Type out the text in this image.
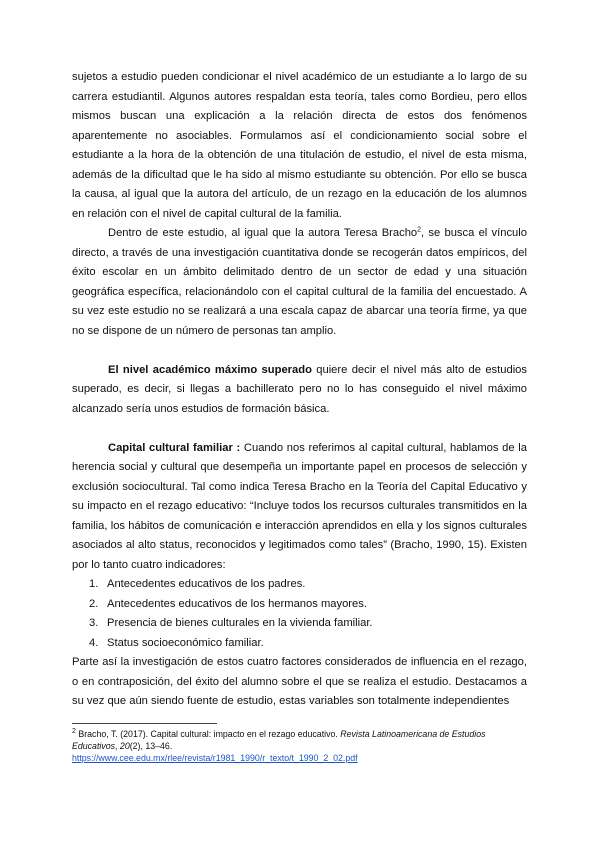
sujetos a estudio pueden condicionar el nivel académico de un estudiante a lo largo de su carrera estudiantil. Algunos autores respaldan esta teoría, tales como Bordieu, pero ellos mismos buscan una explicación a la relación directa de estos dos fenómenos aparentemente no asociables. Formulamos así el condicionamiento social sobre el estudiante a la hora de la obtención de una titulación de estudio, el nivel de esta misma, además de la dificultad que le ha sido al mismo estudiante su obtención. Por ello se busca la causa, al igual que la autora del artículo, de un rezago en la educación de los alumnos en relación con el nivel de capital cultural de la familia.

Dentro de este estudio, al igual que la autora Teresa Bracho$^2$, se busca el vínculo directo, a través de una investigación cuantitativa donde se recogerán datos empíricos, del éxito escolar en un ámbito delimitado dentro de un sector de edad y una situación geográfica específica, relacionándolo con el capital cultural de la familia del encuestado. A su vez este estudio no se realizará a una escala capaz de abarcar una teoría firme, ya que no se dispone de un número de personas tan amplio.

El nivel académico máximo superado quiere decir el nivel más alto de estudios superado, es decir, si llegas a bachillerato pero no lo has conseguido el nivel máximo alcanzado sería unos estudios de formación básica.

Capital cultural familiar : Cuando nos referimos al capital cultural, hablamos de la herencia social y cultural que desempeña un importante papel en procesos de selección y exclusión sociocultural. Tal como indica Teresa Bracho en la Teoría del Capital Educativo y su impacto en el rezago educativo: “Incluye todos los recursos culturales transmitidos en la familia, los hábitos de comunicación e interacción aprendidos en ella y los signos culturales asociados al alto status, reconocidos y legitimados como tales” (Bracho, 1990, 15). Existen por lo tanto cuatro indicadores:

1. Antecedentes educativos de los padres.
2. Antecedentes educativos de los hermanos mayores.
3. Presencia de bienes culturales en la vivienda familiar.
4. Status socioeconómico familiar.

Parte así la investigación de estos cuatro factores considerados de influencia en el rezago, o en contraposición, del éxito del alumno sobre el que se realiza el estudio. Destacamos a su vez que aún siendo fuente de estudio, estas variables son totalmente independientes

$^2$ Bracho, T. (2017). Capital cultural: impacto en el rezago educativo. Revista Latinoamericana de Estudios Educativos, 20(2), 13–46.
https://www.cee.edu.mx/rlee/revista/r1981_1990/r_texto/t_1990_2_02.pdf
